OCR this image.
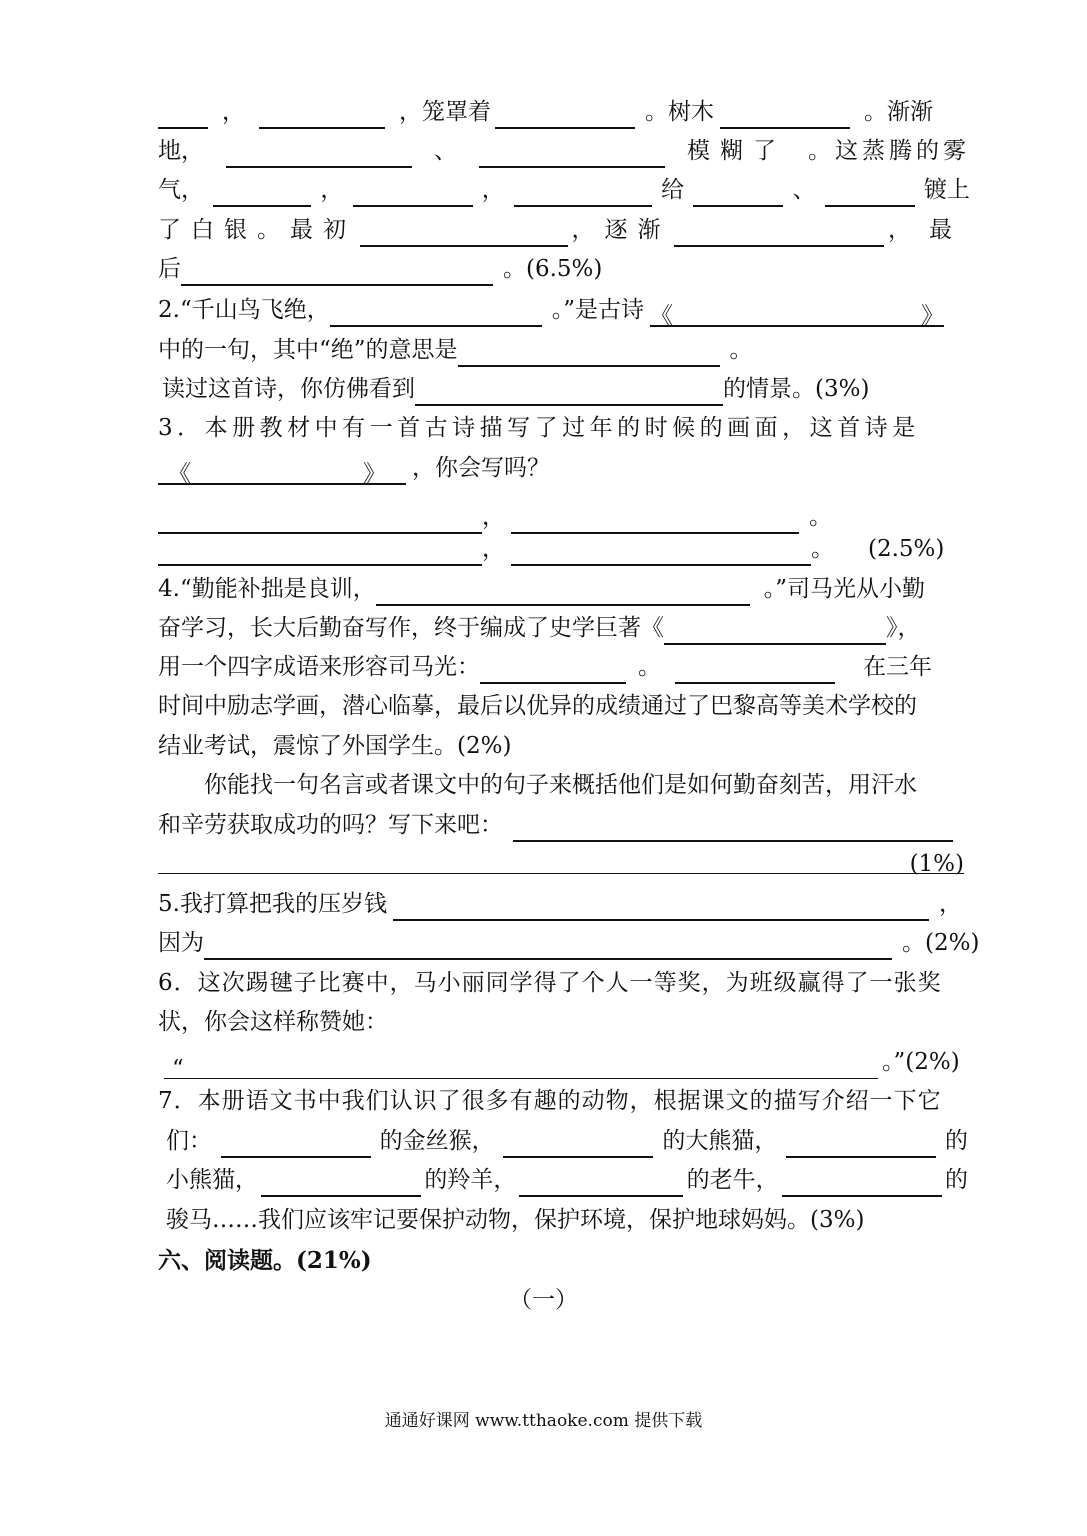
，	，笼罩着	。树木	。渐渐
地，	、	模糊了 。这蒸腾的雾
气，	，	，	给	、	镀上
了白银。最初	，逐渐	，最
后	。(6.5%)
2.“千山鸟飞绝，	。”是古诗 《	》
中的一句，其中“绝”的意思是	。
读过这首诗，你仿佛看到	的情景。(3%)
3．本册教材中有一首古诗描写了过年的时候的画面，这首诗是
《	》 ，你会写吗？
，	。
，	。 (2.5%)
4.“勤能补拙是良训，	。”司马光从小勤
奋学习，长大后勤奋写作，终于编成了史学巨著《	》，
用一个四字成语来形容司马光：	。	在三年
时间中励志学画，潜心临摹，最后以优异的成绩通过了巴黎高等美术学校的
结业考试，震惊了外国学生。(2%)
你能找一句名言或者课文中的句子来概括他们是如何勤奋刻苦，用汗水
和辛劳获取成功的吗？写下来吧：
(1%)
5.我打算把我的压岁钱	，
因为	。(2%)
6．这次踢毽子比赛中，马小丽同学得了个人一等奖，为班级赢得了一张奖
状，你会这样称赞她：
“	。”(2%)
7．本册语文书中我们认识了很多有趣的动物，根据课文的描写介绍一下它
们：	的金丝猴，	的大熊猫，	的
小熊猫，	的羚羊，	的老牛，	的
骏马……我们应该牢记要保护动物，保护环境，保护地球妈妈。(3%)
六、阅读题。(21%)
（一）
通通好课网 www.tthaoke.com 提供下载
